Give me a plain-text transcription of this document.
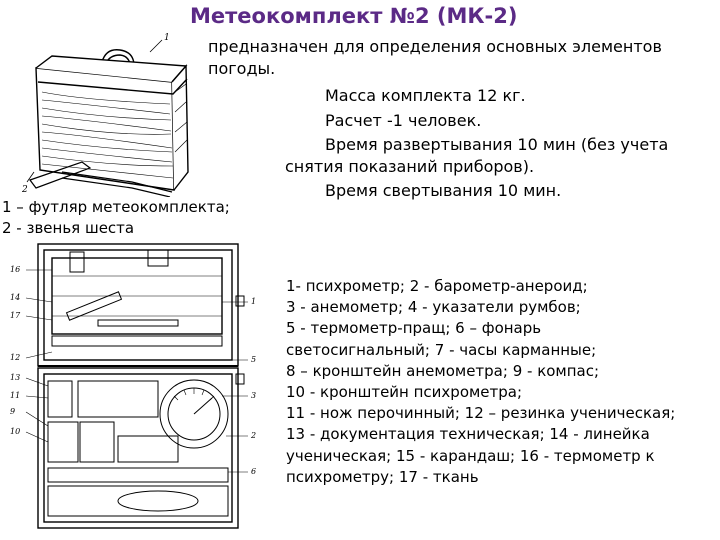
Метеокомплект №2 (МК-2)
предназначен для определения основных элементов
погоды.
Масса комплекта 12 кг.
Расчет -1 человек.
Время развертывания 10 мин (без учета
снятия показаний приборов).
Время свертывания 10 мин.
1 – футляр метеокомплекта;
2 - звенья шеста
1
2
16
14
17
12
13
11
9
10
1
5
3
2
6
1- психрометр; 2 - барометр-анероид;
3 - анемометр; 4 - указатели румбов;
5 - термометр-пращ; 6 – фонарь
светосигнальный; 7 - часы карманные;
8 – кронштейн анемометра; 9 - компас;
10 - кронштейн психрометра;
11 - нож перочинный; 12 – резинка ученическая;
13 - документация техническая; 14 - линейка
ученическая; 15 - карандаш; 16 - термометр к
психрометру; 17 - ткань
